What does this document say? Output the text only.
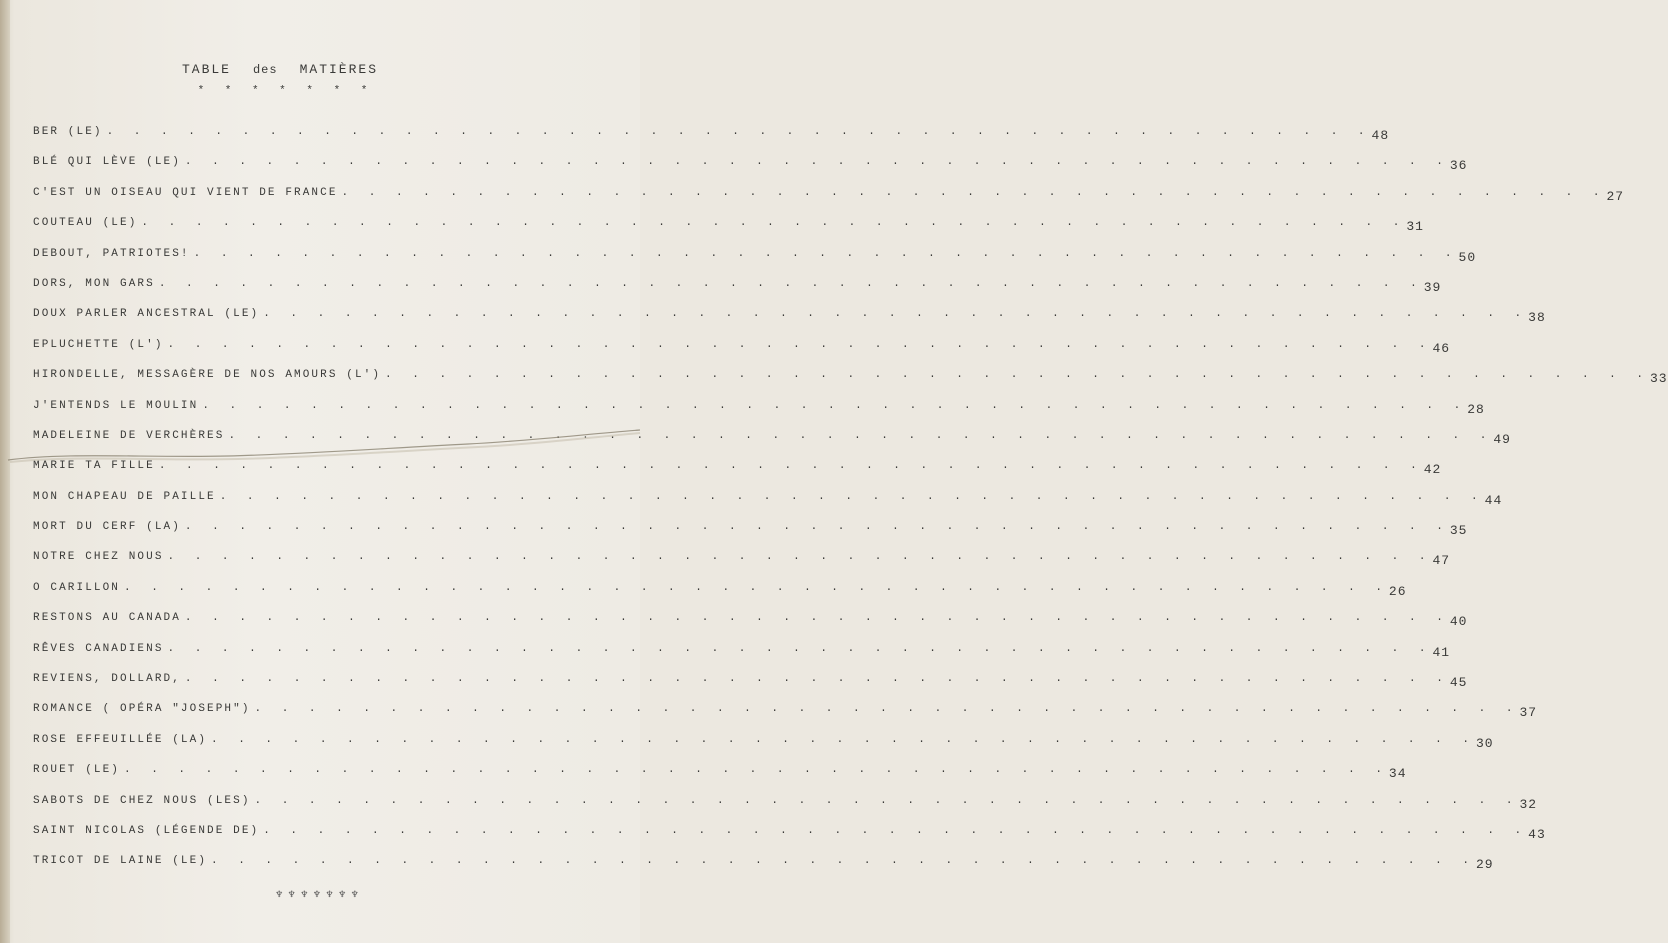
TABLE des MATIÈRES
* * * * * * *
BER (LE) . . . . . . . . . . . . . . . . . . . . . . . . . . . . . . . . . . . . . . . . . . . . . . . 48
BLÉ QUI LÈVE (LE) . . . . . . . . . . . . . . . . . . . . . . . . . . . . . . . . . . . . . . . . . . . . . . . 36
C'EST UN OISEAU QUI VIENT DE FRANCE . . . . . . . . . . . . . . . . . . . . . . . . . . . . . . . . . . . . . . . . . . . . . . . 27
COUTEAU (LE) . . . . . . . . . . . . . . . . . . . . . . . . . . . . . . . . . . . . . . . . . . . . . . . 31
DEBOUT, PATRIOTES! . . . . . . . . . . . . . . . . . . . . . . . . . . . . . . . . . . . . . . . . . . . . . . . 50
DORS, MON GARS . . . . . . . . . . . . . . . . . . . . . . . . . . . . . . . . . . . . . . . . . . . . . . . 39
DOUX PARLER ANCESTRAL (LE) . . . . . . . . . . . . . . . . . . . . . . . . . . . . . . . . . . . . . . . . . . . . . . . 38
EPLUCHETTE (L') . . . . . . . . . . . . . . . . . . . . . . . . . . . . . . . . . . . . . . . . . . . . . . . 46
HIRONDELLE, MESSAGÈRE DE NOS AMOURS (L') . . . . . . . . . . . . . . . . . . . . . . . . . . . . . . . . . . . . . . . . . . . . . . . 33
J'ENTENDS LE MOULIN . . . . . . . . . . . . . . . . . . . . . . . . . . . . . . . . . . . . . . . . . . . . . . . 28
MADELEINE DE VERCHÈRES . . . . . . . . . . . . . . . . . . . . . . . . . . . . . . . . . . . . . . . . . . . . . . . 49
MARIE TA FILLE . . . . . . . . . . . . . . . . . . . . . . . . . . . . . . . . . . . . . . . . . . . . . . . 42
MON CHAPEAU DE PAILLE . . . . . . . . . . . . . . . . . . . . . . . . . . . . . . . . . . . . . . . . . . . . . . . 44
MORT DU CERF (LA) . . . . . . . . . . . . . . . . . . . . . . . . . . . . . . . . . . . . . . . . . . . . . . . 35
NOTRE CHEZ NOUS . . . . . . . . . . . . . . . . . . . . . . . . . . . . . . . . . . . . . . . . . . . . . . . 47
O CARILLON . . . . . . . . . . . . . . . . . . . . . . . . . . . . . . . . . . . . . . . . . . . . . . . 26
RESTONS AU CANADA . . . . . . . . . . . . . . . . . . . . . . . . . . . . . . . . . . . . . . . . . . . . . . . 40
RÊVES CANADIENS . . . . . . . . . . . . . . . . . . . . . . . . . . . . . . . . . . . . . . . . . . . . . . . 41
REVIENS, DOLLARD, . . . . . . . . . . . . . . . . . . . . . . . . . . . . . . . . . . . . . . . . . . . . . . . 45
ROMANCE ( OPÉRA "JOSEPH") . . . . . . . . . . . . . . . . . . . . . . . . . . . . . . . . . . . . . . . . . . . . . . . 37
ROSE EFFEUILLÉE (LA) . . . . . . . . . . . . . . . . . . . . . . . . . . . . . . . . . . . . . . . . . . . . . . . 30
ROUET (LE) . . . . . . . . . . . . . . . . . . . . . . . . . . . . . . . . . . . . . . . . . . . . . . . 34
SABOTS DE CHEZ NOUS (LES) . . . . . . . . . . . . . . . . . . . . . . . . . . . . . . . . . . . . . . . . . . . . . . . 32
SAINT NICOLAS (LÉGENDE DE) . . . . . . . . . . . . . . . . . . . . . . . . . . . . . . . . . . . . . . . . . . . . . . . 43
TRICOT DE LAINE (LE) . . . . . . . . . . . . . . . . . . . . . . . . . . . . . . . . . . . . . . . . . . . . . . . 29
♆♆♆♆♆♆♆
